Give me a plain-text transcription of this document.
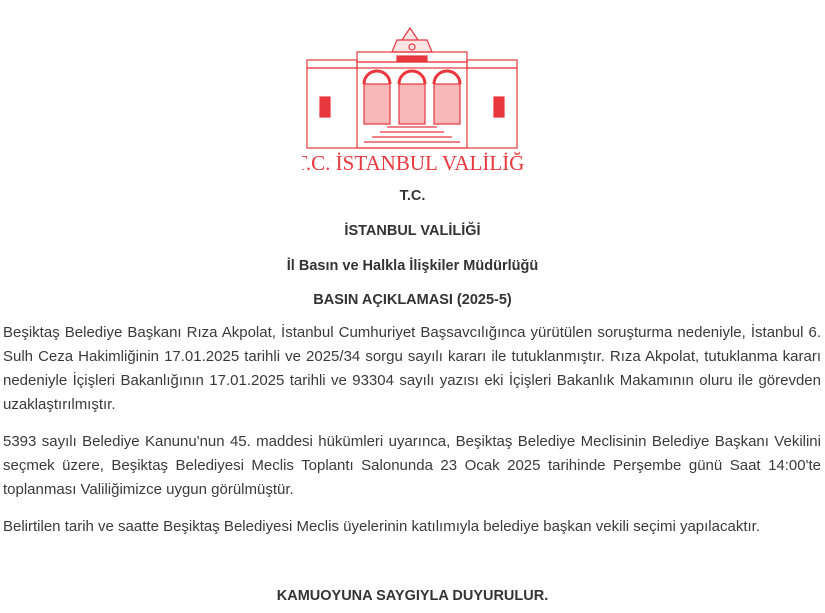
T.C. İSTANBUL VALİLİĞİ
T.C.
İSTANBUL VALİLİĞİ
İl Basın ve Halkla İlişkiler Müdürlüğü
BASIN AÇIKLAMASI (2025-5)

Beşiktaş Belediye Başkanı Rıza Akpolat, İstanbul Cumhuriyet Başsavcılığınca yürütülen soruşturma nedeniyle, İstanbul 6. Sulh Ceza Hakimliğinin 17.01.2025 tarihli ve 2025/34 sorgu sayılı kararı ile tutuklanmıştır. Rıza Akpolat, tutuklanma kararı nedeniyle İçişleri Bakanlığının 17.01.2025 tarihli ve 93304 sayılı yazısı eki İçişleri Bakanlık Makamının oluru ile görevden uzaklaştırılmıştır.

5393 sayılı Belediye Kanunu'nun 45. maddesi hükümleri uyarınca, Beşiktaş Belediye Meclisinin Belediye Başkanı Vekilini seçmek üzere, Beşiktaş Belediyesi Meclis Toplantı Salonunda 23 Ocak 2025 tarihinde Perşembe günü Saat 14:00'te toplanması Valiliğimizce uygun görülmüştür.

Belirtilen tarih ve saatte Beşiktaş Belediyesi Meclis üyelerinin katılımıyla belediye başkan vekili seçimi yapılacaktır.

KAMUOYUNA SAYGIYLA DUYURULUR.
